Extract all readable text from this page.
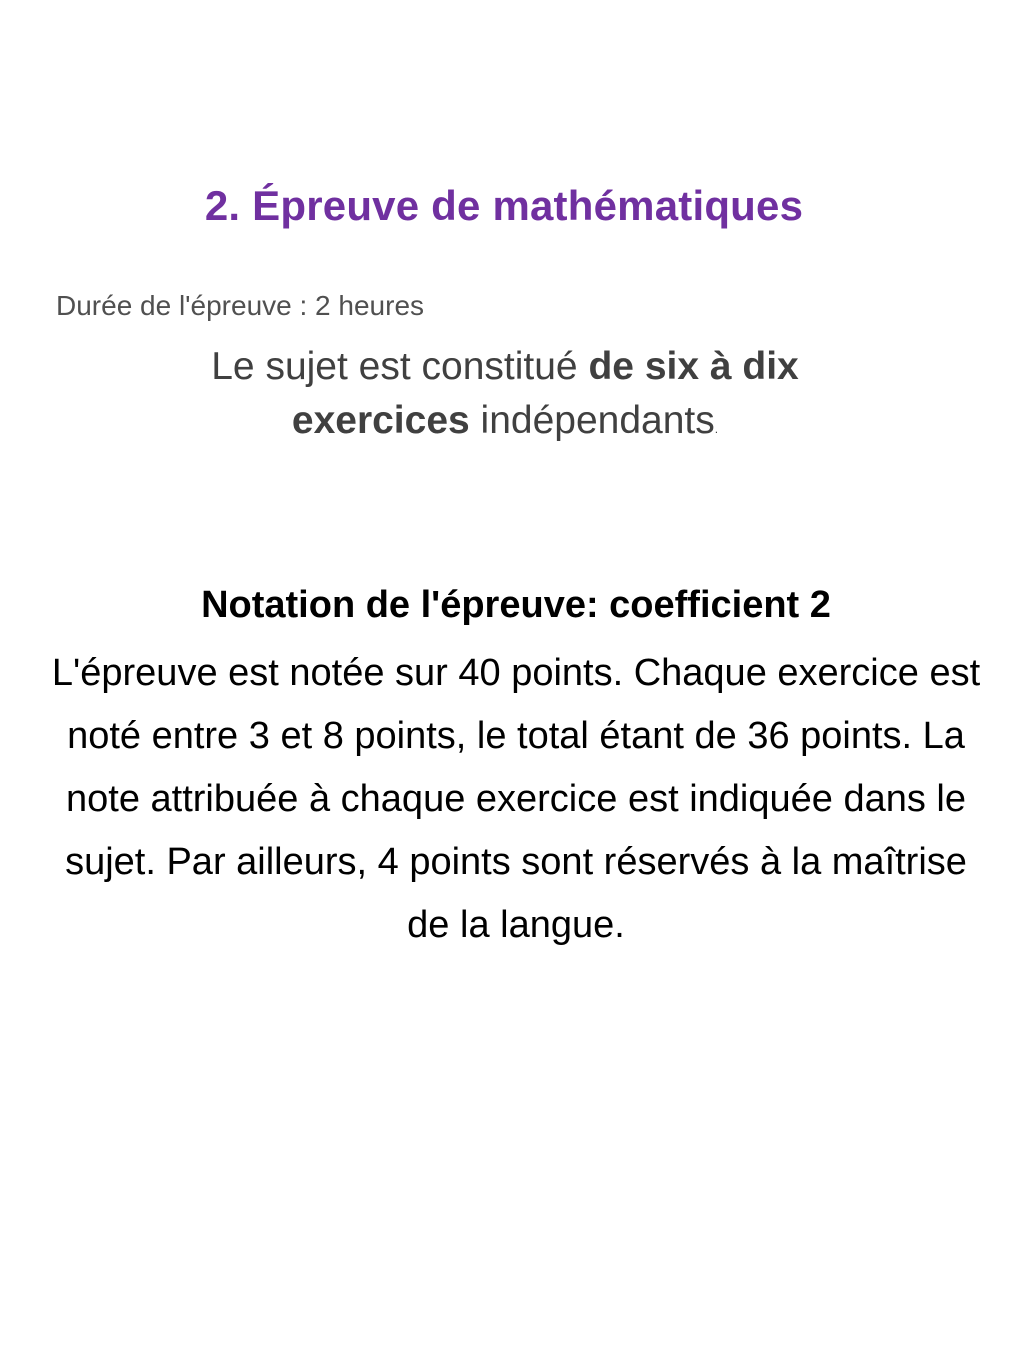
2. Épreuve de mathématiques
Durée de l'épreuve : 2 heures
Le sujet est constitué de six à dix exercices indépendants.
Notation de l'épreuve: coefficient 2
L'épreuve est notée sur 40 points. Chaque exercice est noté entre 3 et 8 points, le total étant de 36 points. La note attribuée à chaque exercice est indiquée dans le sujet. Par ailleurs, 4 points sont réservés à la maîtrise de la langue.
